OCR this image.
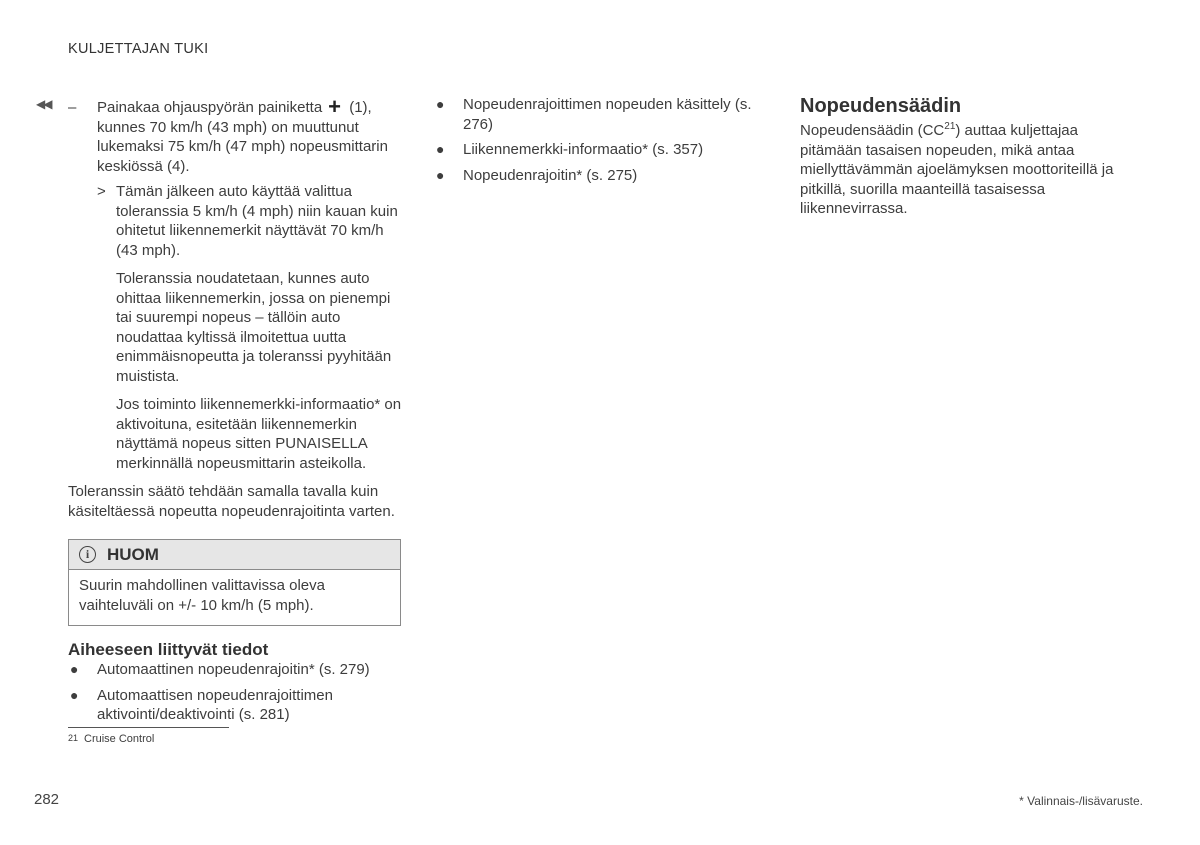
KULJETTAJAN TUKI
◀◀ – Painakaa ohjauspyörän painiketta + (1), kunnes 70 km/h (43 mph) on muuttunut lukemaksi 75 km/h (47 mph) nopeusmittarin keskiössä (4).
> Tämän jälkeen auto käyttää valittua toleranssia 5 km/h (4 mph) niin kauan kuin ohitetut liikennemerkit näyttävät 70 km/h (43 mph).
Toleranssia noudatetaan, kunnes auto ohittaa liikennemerkin, jossa on pienempi tai suurempi nopeus – tällöin auto noudattaa kyltissä ilmoitettua uutta enimmäisnopeutta ja toleranssi pyyhitään muistista.
Jos toiminto liikennemerkki-informaatio* on aktivoituna, esitetään liikennemerkin näyttämä nopeus sitten PUNAISELLA merkinnällä nopeusmittarin asteikolla.
Toleranssin säätö tehdään samalla tavalla kuin käsiteltäessä nopeutta nopeudenrajoitinta varten.
i	HUOM
Suurin mahdollinen valittavissa oleva vaihteluväli on +/- 10 km/h (5 mph).
Aiheeseen liittyvät tiedot
● Automaattinen nopeudenrajoitin* (s. 279)
● Automaattisen nopeudenrajoittimen aktivointi/deaktivointi (s. 281)
● Nopeudenrajoittimen nopeuden käsittely (s. 276)
● Liikennemerkki-informaatio* (s. 357)
● Nopeudenrajoitin* (s. 275)
Nopeudensäädin

Nopeudensäädin (CC$^{21}$) auttaa kuljettajaa pitämään tasaisen nopeuden, mikä antaa miellyttävämmän ajoelämyksen moottoriteillä ja pitkillä, suorilla maanteillä tasaisessa liikennevirrassa.

21 Cruise Control
282	* Valinnais-/lisävaruste.
